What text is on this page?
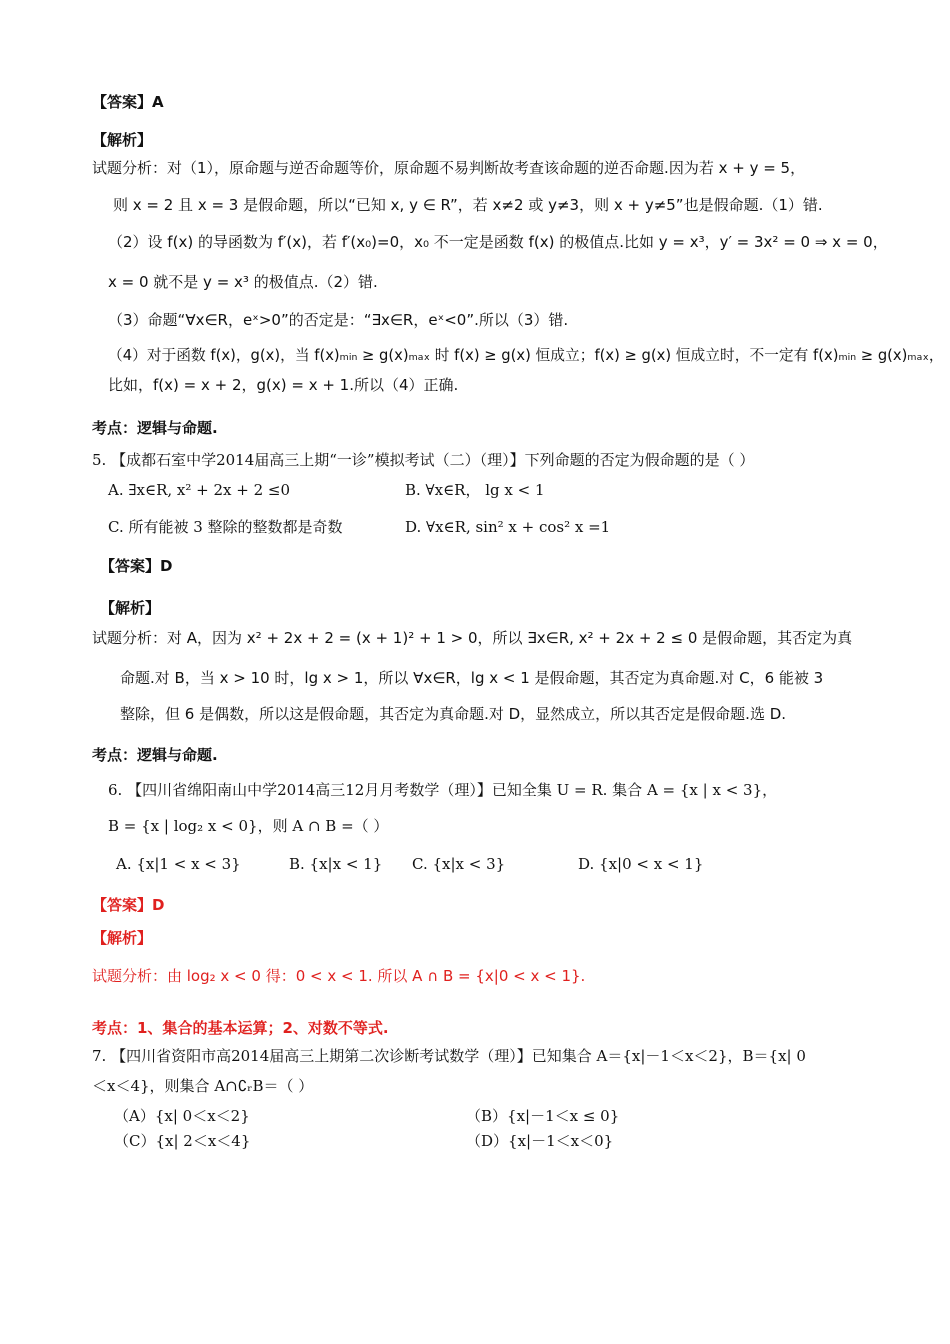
【答案】A
【解析】
试题分析：对（1），原命题与逆否命题等价，原命题不易判断故考查该命题的逆否命题.因为若 x + y = 5，
则 x = 2 且 x = 3 是假命题，所以“已知 x, y ∈ R”，若 x≠2 或 y≠3，则 x + y≠5”也是假命题.（1）错.
（2）设 f(x) 的导函数为 f′(x)，若 f′(x₀)=0，x₀ 不一定是函数 f(x) 的极值点.比如 y = x³，y′ = 3x² = 0 ⇒ x = 0，
x = 0 就不是 y = x³ 的极值点.（2）错.
（3）命题“∀x∈R，eˣ>0”的否定是：“∃x∈R，eˣ<0”.所以（3）错.
（4）对于函数 f(x)，g(x)，当 f(x)ₘᵢₙ ≥ g(x)ₘₐₓ 时 f(x) ≥ g(x) 恒成立；f(x) ≥ g(x) 恒成立时，不一定有 f(x)ₘᵢₙ ≥ g(x)ₘₐₓ，
比如，f(x) = x + 2，g(x) = x + 1.所以（4）正确.
考点：逻辑与命题.
5. 【成都石室中学2014届高三上期“一诊”模拟考试（二）（理）】下列命题的否定为假命题的是（ ）
A. ∃x∈R, x² + 2x + 2 ≤0	B. ∀x∈R， lg x < 1
C. 所有能被 3 整除的整数都是奇数	D. ∀x∈R, sin² x + cos² x =1
【答案】D
【解析】
试题分析：对 A，因为 x² + 2x + 2 = (x + 1)² + 1 > 0，所以 ∃x∈R, x² + 2x + 2 ≤ 0 是假命题，其否定为真
命题.对 B，当 x > 10 时，lg x > 1，所以 ∀x∈R，lg x < 1 是假命题，其否定为真命题.对 C，6 能被 3
整除，但 6 是偶数，所以这是假命题，其否定为真命题.对 D，显然成立，所以其否定是假命题.选 D.
考点：逻辑与命题.
6. 【四川省绵阳南山中学2014高三12月月考数学（理）】已知全集 U = R. 集合 A = {x | x < 3}，
B = {x | log₂ x < 0}，则 A ∩ B =（ ）
A. {x|1 < x < 3}	B. {x|x < 1} C. {x|x < 3}	D. {x|0 < x < 1}
【答案】D
【解析】
试题分析：由 log₂ x < 0 得：0 < x < 1. 所以 A ∩ B = {x|0 < x < 1}.
考点：1、集合的基本运算；2、对数不等式.
7. 【四川省资阳市高2014届高三上期第二次诊断考试数学（理）】已知集合 A＝{x|－1＜x＜2}，B＝{x| 0
＜x＜4}，则集合 A∩∁ᵣB＝（ ）
（A）{x| 0＜x＜2}	（B）{x|－1＜x ≤ 0}
（C）{x| 2＜x＜4}	（D）{x|－1＜x＜0}
